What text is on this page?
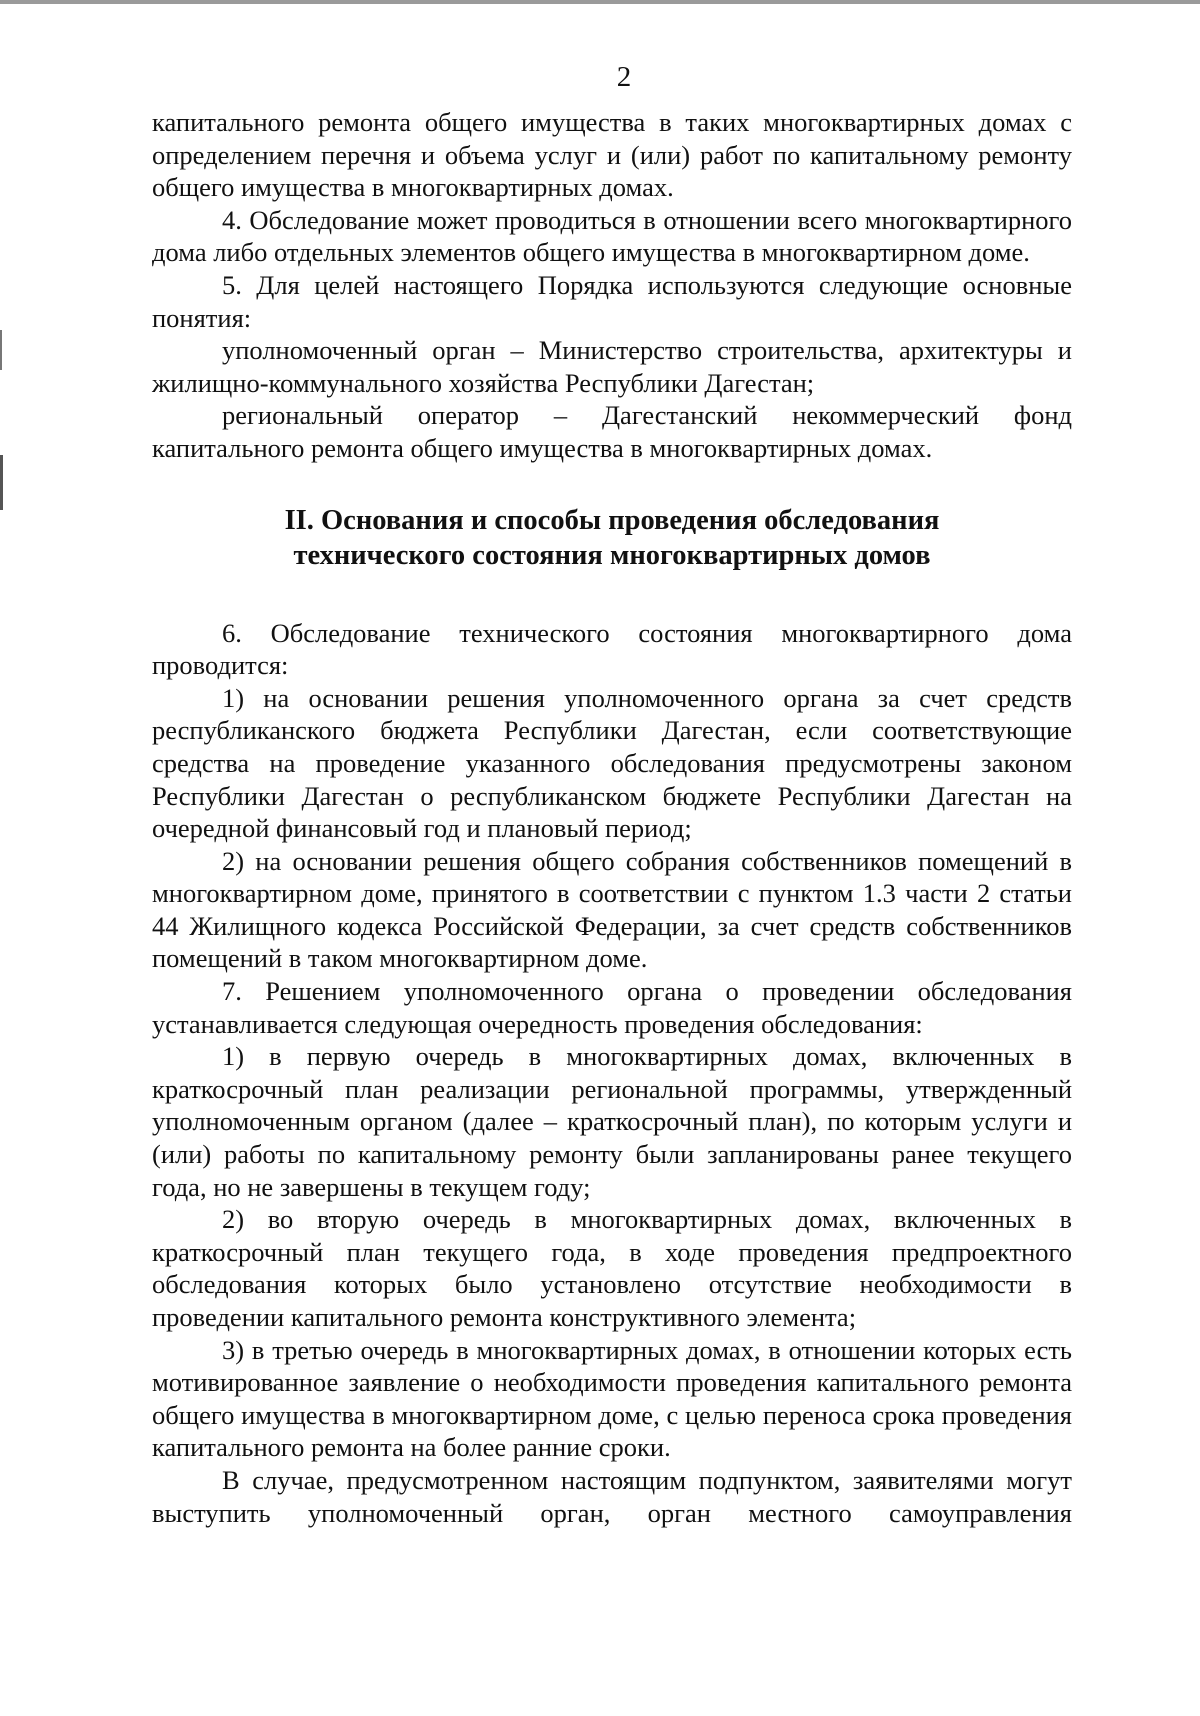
2

капитального ремонта общего имущества в таких многоквартирных домах с определением перечня и объема услуг и (или) работ по капитальному ремонту общего имущества в многоквартирных домах.

4. Обследование может проводиться в отношении всего многоквартирного дома либо отдельных элементов общего имущества в многоквартирном доме.

5. Для целей настоящего Порядка используются следующие основные понятия:

уполномоченный орган – Министерство строительства, архитектуры и жилищно-коммунального хозяйства Республики Дагестан;

региональный оператор – Дагестанский некоммерческий фонд капитального ремонта общего имущества в многоквартирных домах.

II. Основания и способы проведения обследования
технического состояния многоквартирных домов

6. Обследование технического состояния многоквартирного дома проводится:

1) на основании решения уполномоченного органа за счет средств республиканского бюджета Республики Дагестан, если соответствующие средства на проведение указанного обследования предусмотрены законом Республики Дагестан о республиканском бюджете Республики Дагестан на очередной финансовый год и плановый период;

2) на основании решения общего собрания собственников помещений в многоквартирном доме, принятого в соответствии с пунктом 1.3 части 2 статьи 44 Жилищного кодекса Российской Федерации, за счет средств собственников помещений в таком многоквартирном доме.

7. Решением уполномоченного органа о проведении обследования устанавливается следующая очередность проведения обследования:

1) в первую очередь в многоквартирных домах, включенных в краткосрочный план реализации региональной программы, утвержденный уполномоченным органом (далее – краткосрочный план), по которым услуги и (или) работы по капитальному ремонту были запланированы ранее текущего года, но не завершены в текущем году;

2) во вторую очередь в многоквартирных домах, включенных в краткосрочный план текущего года, в ходе проведения предпроектного обследования которых было установлено отсутствие необходимости в проведении капитального ремонта конструктивного элемента;

3) в третью очередь в многоквартирных домах, в отношении которых есть мотивированное заявление о необходимости проведения капитального ремонта общего имущества в многоквартирном доме, с целью переноса срока проведения капитального ремонта на более ранние сроки.

В случае, предусмотренном настоящим подпунктом, заявителями могут выступить уполномоченный орган, орган местного самоуправления
